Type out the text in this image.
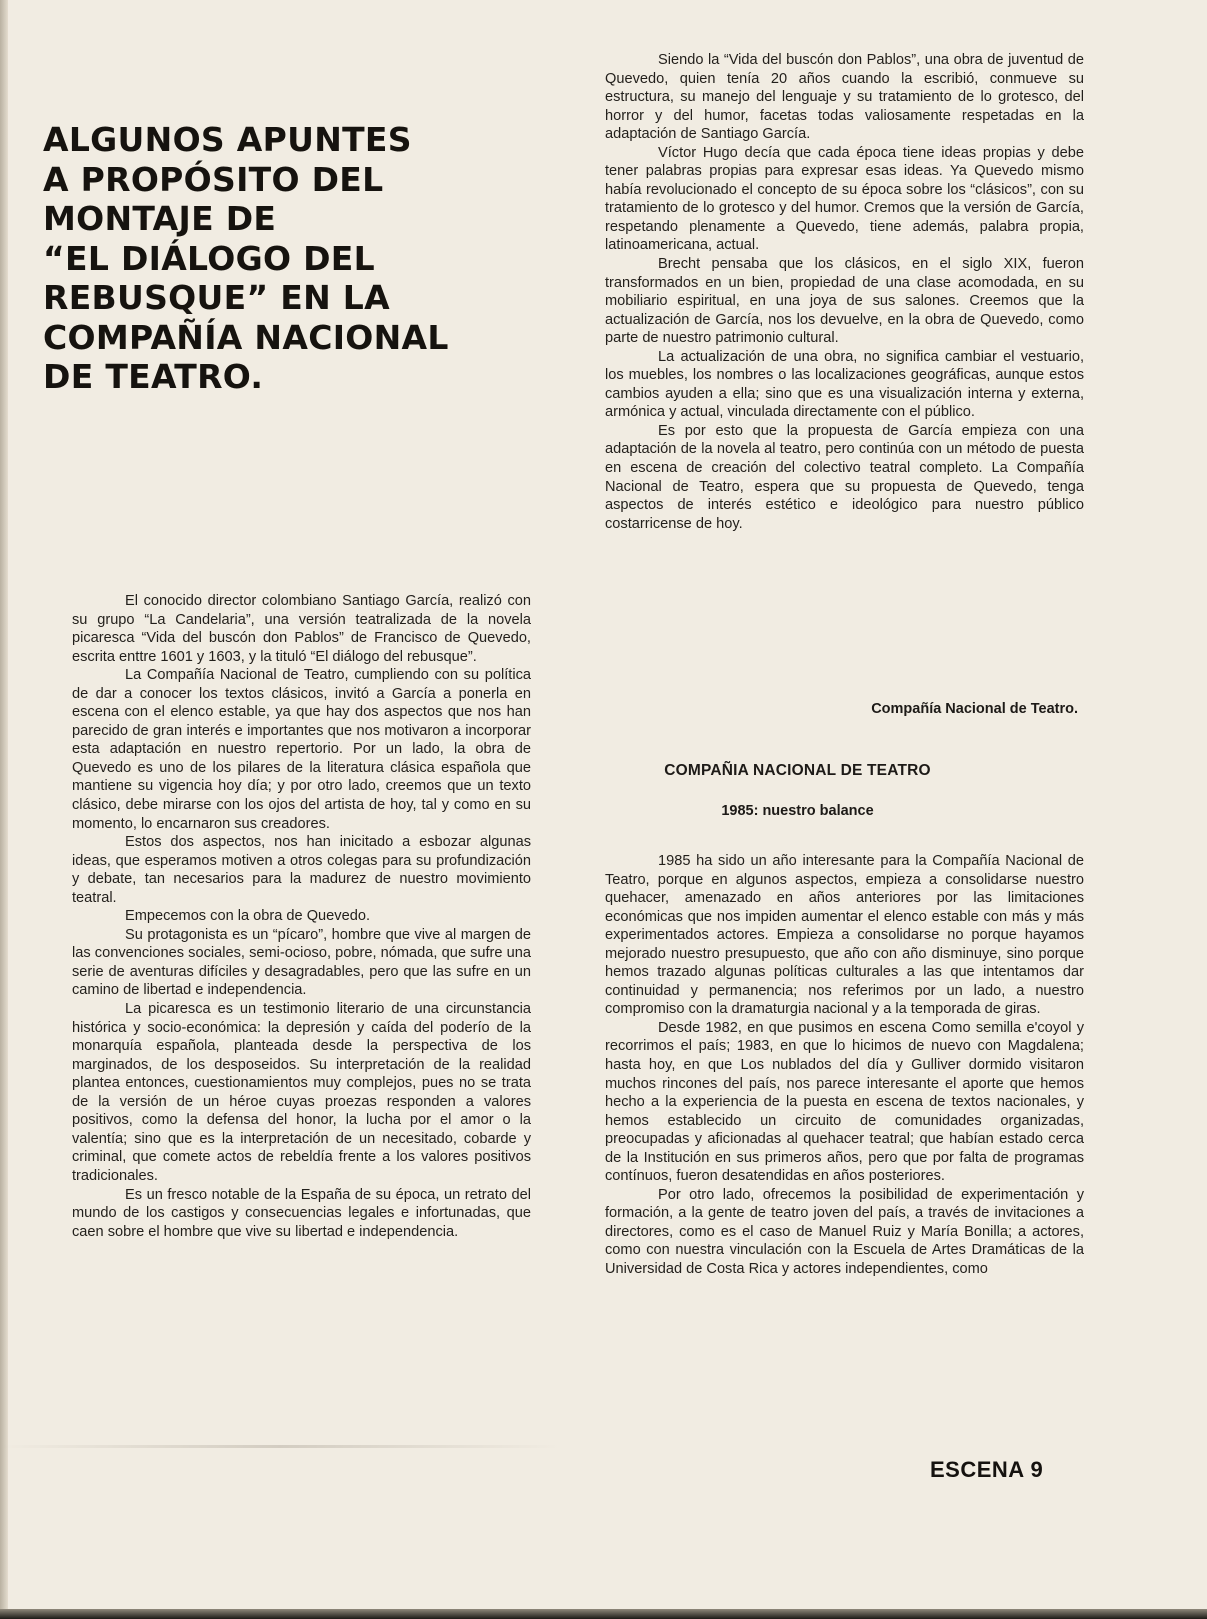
ALGUNOS APUNTES
A PROPÓSITO DEL
MONTAJE DE
“EL DIÁLOGO DEL
REBUSQUE” EN LA
COMPAÑÍA NACIONAL
DE TEATRO.

El conocido director colombiano Santiago García, realizó con su grupo “La Candelaria”, una versión teatralizada de la novela picaresca “Vida del buscón don Pablos” de Francisco de Quevedo, escrita enttre 1601 y 1603, y la tituló “El diálogo del rebusque”.

La Compañía Nacional de Teatro, cumpliendo con su política de dar a conocer los textos clásicos, invitó a García a ponerla en escena con el elenco estable, ya que hay dos aspectos que nos han parecido de gran interés e importantes que nos motivaron a incorporar esta adaptación en nuestro repertorio. Por un lado, la obra de Quevedo es uno de los pilares de la literatura clásica española que mantiene su vigencia hoy día; y por otro lado, creemos que un texto clásico, debe mirarse con los ojos del artista de hoy, tal y como en su momento, lo encarnaron sus creadores.

Estos dos aspectos, nos han inicitado a esbozar algunas ideas, que esperamos motiven a otros colegas para su profundización y debate, tan necesarios para la madurez de nuestro movimiento teatral.

Empecemos con la obra de Quevedo.

Su protagonista es un “pícaro”, hombre que vive al margen de las convenciones sociales, semi-ocioso, pobre, nómada, que sufre una serie de aventuras difíciles y desagradables, pero que las sufre en un camino de libertad e independencia.

La picaresca es un testimonio literario de una circunstancia histórica y socio-económica: la depresión y caída del poderío de la monarquía española, planteada desde la perspectiva de los marginados, de los desposeidos. Su interpretación de la realidad plantea entonces, cuestionamientos muy complejos, pues no se trata de la versión de un héroe cuyas proezas responden a valores positivos, como la defensa del honor, la lucha por el amor o la valentía; sino que es la interpretación de un necesitado, cobarde y criminal, que comete actos de rebeldía frente a los valores positivos tradicionales.

Es un fresco notable de la España de su época, un retrato del mundo de los castigos y consecuencias legales e infortunadas, que caen sobre el hombre que vive su libertad e independencia.

Siendo la “Vida del buscón don Pablos”, una obra de juventud de Quevedo, quien tenía 20 años cuando la escribió, conmueve su estructura, su manejo del lenguaje y su tratamiento de lo grotesco, del horror y del humor, facetas todas valiosamente respetadas en la adaptación de Santiago García.

Víctor Hugo decía que cada época tiene ideas propias y debe tener palabras propias para expresar esas ideas. Ya Quevedo mismo había revolucionado el concepto de su época sobre los “clásicos”, con su tratamiento de lo grotesco y del humor. Cremos que la versión de García, respetando plenamente a Quevedo, tiene además, palabra propia, latinoamericana, actual.

Brecht pensaba que los clásicos, en el siglo XIX, fueron transformados en un bien, propiedad de una clase acomodada, en su mobiliario espiritual, en una joya de sus salones. Creemos que la actualización de García, nos los devuelve, en la obra de Quevedo, como parte de nuestro patrimonio cultural.

La actualización de una obra, no significa cambiar el vestuario, los muebles, los nombres o las localizaciones geográficas, aunque estos cambios ayuden a ella; sino que es una visualización interna y externa, armónica y actual, vinculada directamente con el público.

Es por esto que la propuesta de García empieza con una adaptación de la novela al teatro, pero continúa con un método de puesta en escena de creación del colectivo teatral completo. La Compañía Nacional de Teatro, espera que su propuesta de Quevedo, tenga aspectos de interés estético e ideológico para nuestro público costarricense de hoy.

Compañía Nacional de Teatro.
COMPAÑIA NACIONAL DE TEATRO
1985: nuestro balance

1985 ha sido un año interesante para la Compañía Nacional de Teatro, porque en algunos aspectos, empieza a consolidarse nuestro quehacer, amenazado en años anteriores por las limitaciones económicas que nos impiden aumentar el elenco estable con más y más experimentados actores. Empieza a consolidarse no porque hayamos mejorado nuestro presupuesto, que año con año disminuye, sino porque hemos trazado algunas políticas culturales a las que intentamos dar continuidad y permanencia; nos referimos por un lado, a nuestro compromiso con la dramaturgia nacional y a la temporada de giras.

Desde 1982, en que pusimos en escena Como semilla e'coyol y recorrimos el país; 1983, en que lo hicimos de nuevo con Magdalena; hasta hoy, en que Los nublados del día y Gulliver dormido visitaron muchos rincones del país, nos parece interesante el aporte que hemos hecho a la experiencia de la puesta en escena de textos nacionales, y hemos establecido un circuito de comunidades organizadas, preocupadas y aficionadas al quehacer teatral; que habían estado cerca de la Institución en sus primeros años, pero que por falta de programas contínuos, fueron desatendidas en años posteriores.

Por otro lado, ofrecemos la posibilidad de experimentación y formación, a la gente de teatro joven del país, a través de invitaciones a directores, como es el caso de Manuel Ruiz y María Bonilla; a actores, como con nuestra vinculación con la Escuela de Artes Dramáticas de la Universidad de Costa Rica y actores independientes, como

ESCENA 9
